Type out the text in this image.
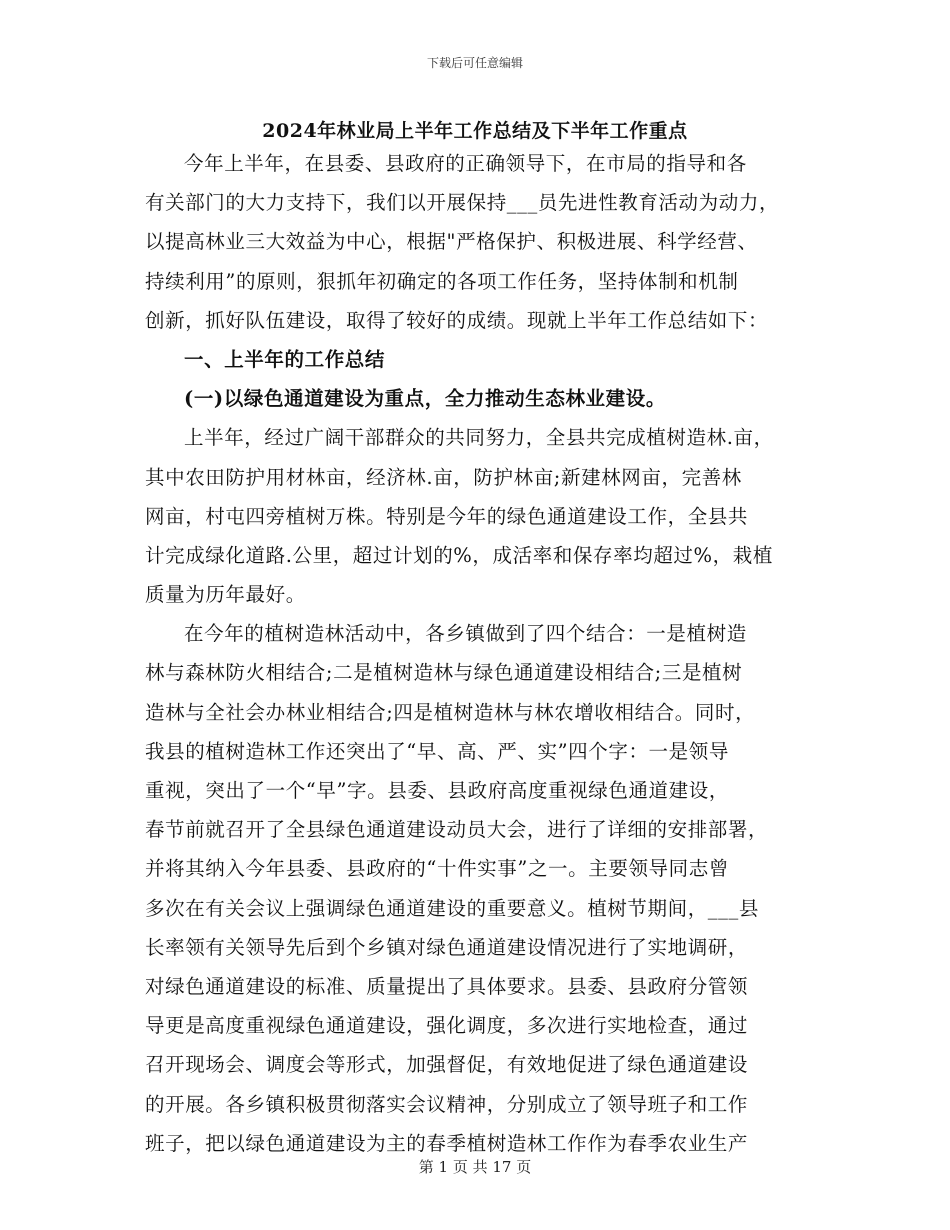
下载后可任意编辑
2024年林业局上半年工作总结及下半年工作重点
今年上半年，在县委、县政府的正确领导下，在市局的指导和各
有关部门的大力支持下，我们以开展保持___员先进性教育活动为动力，
以提高林业三大效益为中心，根据"严格保护、积极进展、科学经营、
持续利用”的原则，狠抓年初确定的各项工作任务，坚持体制和机制
创新，抓好队伍建设，取得了较好的成绩。现就上半年工作总结如下：
一、上半年的工作总结
(一)以绿色通道建设为重点，全力推动生态林业建设。
上半年，经过广阔干部群众的共同努力，全县共完成植树造林.亩，
其中农田防护用材林亩，经济林.亩，防护林亩;新建林网亩，完善林
网亩，村屯四旁植树万株。特别是今年的绿色通道建设工作，全县共
计完成绿化道路.公里，超过计划的%，成活率和保存率均超过%，栽植
质量为历年最好。
在今年的植树造林活动中，各乡镇做到了四个结合：一是植树造
林与森林防火相结合;二是植树造林与绿色通道建设相结合;三是植树
造林与全社会办林业相结合;四是植树造林与林农增收相结合。同时，
我县的植树造林工作还突出了“早、高、严、实”四个字：一是领导
重视，突出了一个“早”字。县委、县政府高度重视绿色通道建设，
春节前就召开了全县绿色通道建设动员大会，进行了详细的安排部署，
并将其纳入今年县委、县政府的“十件实事”之一。主要领导同志曾
多次在有关会议上强调绿色通道建设的重要意义。植树节期间，___县
长率领有关领导先后到个乡镇对绿色通道建设情况进行了实地调研，
对绿色通道建设的标准、质量提出了具体要求。县委、县政府分管领
导更是高度重视绿色通道建设，强化调度，多次进行实地检查，通过
召开现场会、调度会等形式，加强督促，有效地促进了绿色通道建设
的开展。各乡镇积极贯彻落实会议精神，分别成立了领导班子和工作
班子，把以绿色通道建设为主的春季植树造林工作作为春季农业生产
第 1 页 共 17 页
